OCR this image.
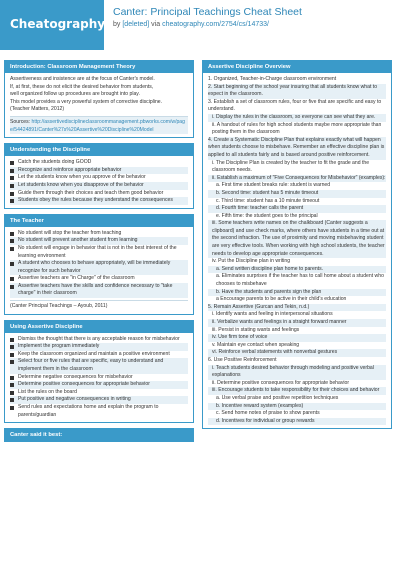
Cheatography
Canter: Principal Teachings Cheat Sheet
by [deleted] via cheatography.com/2754/cs/14733/
Introduction: Classroom Management Theory
Assertiveness and insistence are at the focus of Canter's model.
If, at first, these do not elicit the desired behavior from students,
well organized follow up procedures are brought into play.
This model provides a very powerful system of corrective discipline.
(Teacher Matters, 2012)
Sources: http://assertivedisciplineclassroommanagement.pbworks.com/w/page/54424891/Canter%27s%20Assertive%20Discipline%20Model
Understanding the Discipline
Catch the students doing GOOD
Recognize and reinforce appropriate behavior
Let the students know when you approve of the behavior
Let students know when you disapprove of the behavior
Guide them through their choices and teach them good behavior
Students obey the rules because they understand the consequences
The Teacher
No student will stop the teacher from teaching
No student will prevent another student from learning
No student will engage in behavior that is not in the best interest of the learning environment
A student who chooses to behave appropriately, will be immediately recognize for such behavior
Assertive teachers are "in Charge" of the classroom
Assertive teachers have the skills and confidence necessary to "take charge" in their classroom
(Canter Principal Teachings – Ayoub, 2011)
Using Assertive Discipline
Dismiss the thought that there is any acceptable reason for misbehavior
Implement the program immediately
Keep the classroom organized and maintain a positive environment
Select four or five rules that are specific, easy to understand and implement them in the classroom
Determine negative consequences for misbehavior
Determine positive consequences for appropriate behavior
List the rules on the board
Put positive and negative consequences in writing
Send rules and expectations home and explain the program to parents/guardian
Canter said it best:
Assertive Discipline Overview
1. Organized, Teacher-in-Charge classroom environment
2. Start beginning of the school year insuring that all students know what to expect in the classroom.
3. Establish a set of classroom rules, four or five that are specific and easy to understand.
i. Display the rules in the classroom, so everyone can see what they are.
ii. A handout of rules for high school students maybe more appropriate than posting them in the classroom
4. Create a Systematic Discipline Plan that explains exactly what will happen when students choose to misbehave. Remember an effective discipline plan is applied to all students fairly and is based around positive reinforcement.
i. The Discipline Plan is created by the teacher to fit the grade and the classroom needs.
ii. Establish a maximum of "Five Consequences for Misbehavior" (examples):
a. First time student breaks rule: student is warned
b. Second time: student has 5 minute timeout
c. Third time: student has a 10 minute timeout
d. Fourth time: teacher calls the parent
e. Fifth time: the student goes to the principal
iii. Some teachers write names on the chalkboard (Canter suggests a clipboard) and use check marks, where others have students in a time out at the second infraction. The use of proximity and moving misbehaving student are very effective tools. When working with high school students, the teacher needs to develop age appropriate consequences.
iv. Put the Discipline plan in writing
a. Send written discipline plan home to parents.
a. Eliminates surprises if the teacher has to call home about a student who chooses to misbehave
b. Have the students and parents sign the plan
a Encourage parents to be active in their child's education
5. Remain Assertive (Gurcan and Tekin, n.d.)
i. Identify wants and feeling in interpersonal situations
ii. Verbalize wants and feelings in a straight forward manner
iii. Persist in stating wants and feelings
iv. Use firm tone of voice
v. Maintain eye contact when speaking
vi. Reinforce verbal statements with nonverbal gestures
6. Use Positive Reinforcement
i. Teach students desired behavior through modeling and positive verbal explanations
ii. Determine positive consequences for appropriate behavior
iii. Encourage students to take responsibility for their choices and behavior
a. Use verbal praise and positive repetition techniques
b. Incentive reward system (examples)
c. Send home notes of praise to show parents
d. Incentives for individual or group rewards
